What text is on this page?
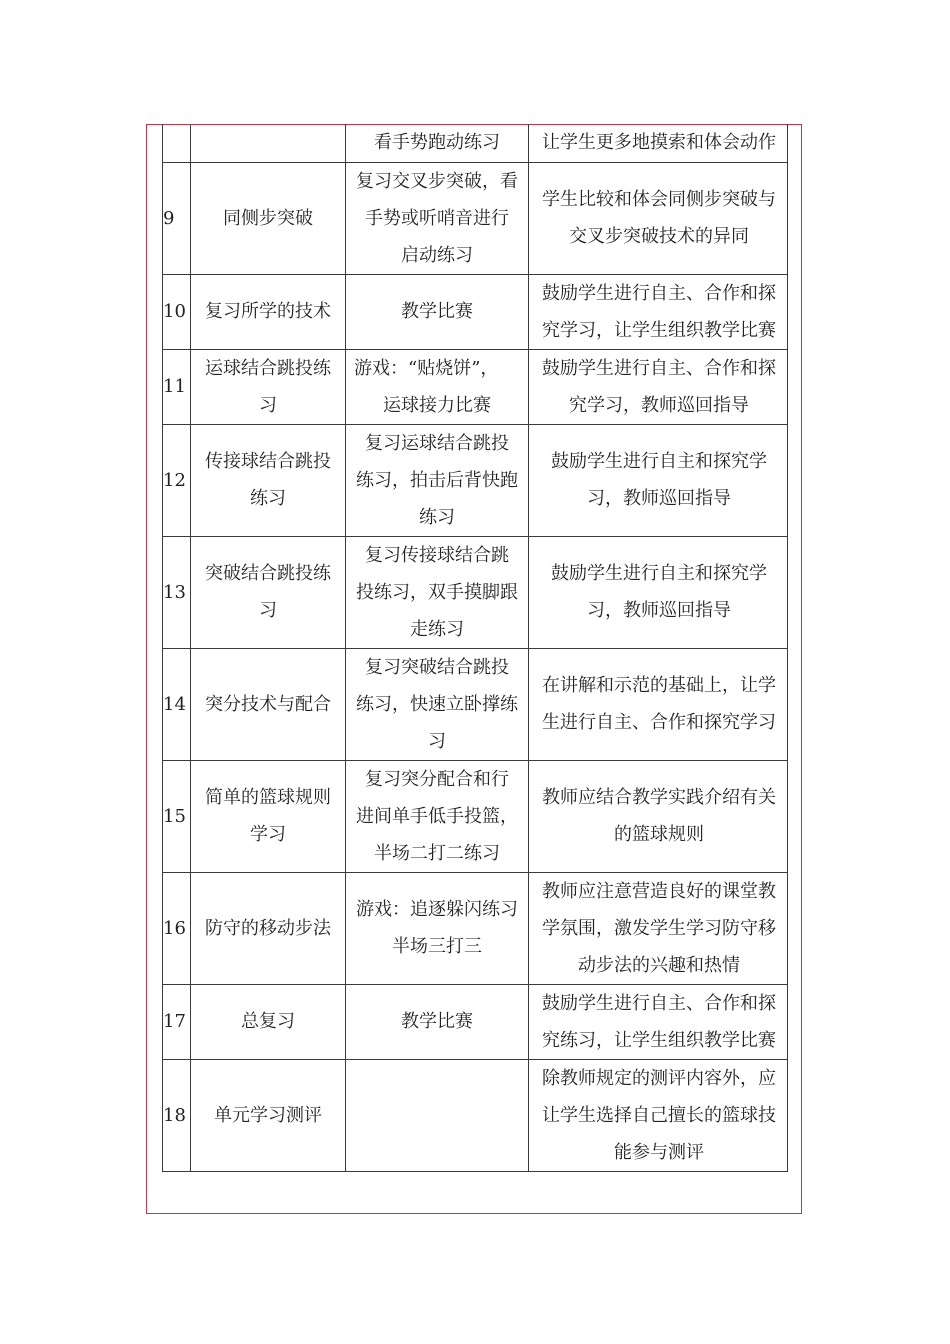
		看手势跑动练习	让学生更多地摸索和体会动作

9	同侧步突破	复习交叉步突破，看
手势或听哨音进行
启动练习	学生比较和体会同侧步突破与
交叉步突破技术的异同

10	复习所学的技术	教学比赛	鼓励学生进行自主、合作和探
究学习，让学生组织教学比赛

11	运球结合跳投练
习	游戏：“贴烧饼”，
运球接力比赛	鼓励学生进行自主、合作和探
究学习，教师巡回指导

12	传接球结合跳投
练习	复习运球结合跳投
练习，拍击后背快跑
练习	鼓励学生进行自主和探究学
习，教师巡回指导

13	突破结合跳投练
习	复习传接球结合跳
投练习，双手摸脚跟
走练习	鼓励学生进行自主和探究学
习，教师巡回指导

14	突分技术与配合	复习突破结合跳投
练习，快速立卧撑练
习	在讲解和示范的基础上，让学
生进行自主、合作和探究学习

15	简单的篮球规则
学习	复习突分配合和行
进间单手低手投篮，
半场二打二练习	教师应结合教学实践介绍有关
的篮球规则

16	防守的移动步法	游戏：追逐躲闪练习
半场三打三	教师应注意营造良好的课堂教
学氛围，激发学生学习防守移
动步法的兴趣和热情

17	总复习	教学比赛	鼓励学生进行自主、合作和探
究练习，让学生组织教学比赛

18	单元学习测评		除教师规定的测评内容外，应
让学生选择自己擅长的篮球技
能参与测评
